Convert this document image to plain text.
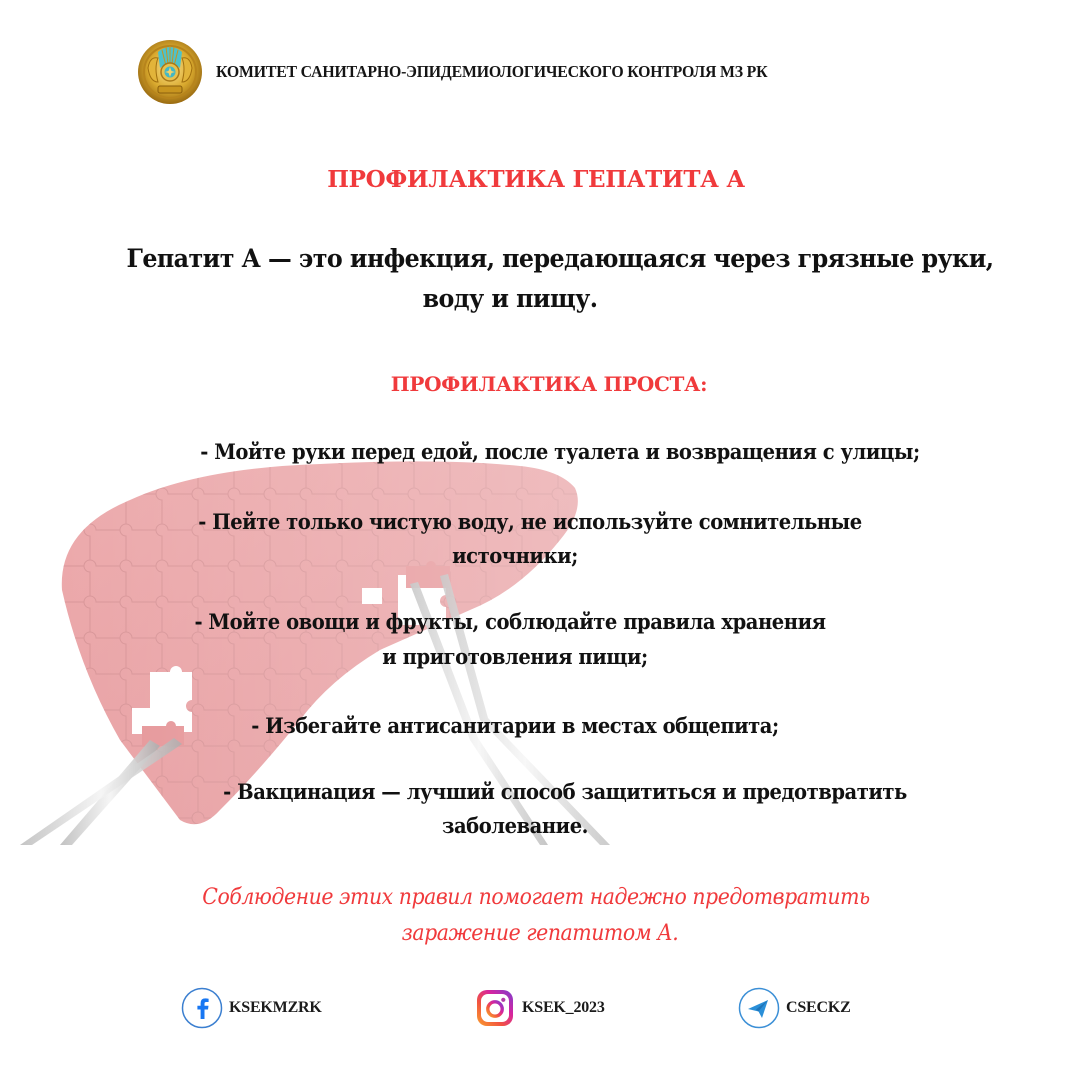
КОМИТЕТ САНИТАРНО-ЭПИДЕМИОЛОГИЧЕСКОГО КОНТРОЛЯ МЗ РК
ПРОФИЛАКТИКА ГЕПАТИТА А
Гепатит А — это инфекция, передающаяся через грязные руки,
воду и пищу.
ПРОФИЛАКТИКА ПРОСТА:
- Мойте руки перед едой, после туалета и возвращения с улицы;
- Пейте только чистую воду, не используйте сомнительные
источники;
- Мойте овощи и фрукты, соблюдайте правила хранения
и приготовления пищи;
- Избегайте антисанитарии в местах общепита;
- Вакцинация — лучший способ защититься и предотвратить
заболевание.
Соблюдение этих правил помогает надежно предотвратить
заражение гепатитом А.
KSEKMZRK	KSEK_2023	CSECKZ
